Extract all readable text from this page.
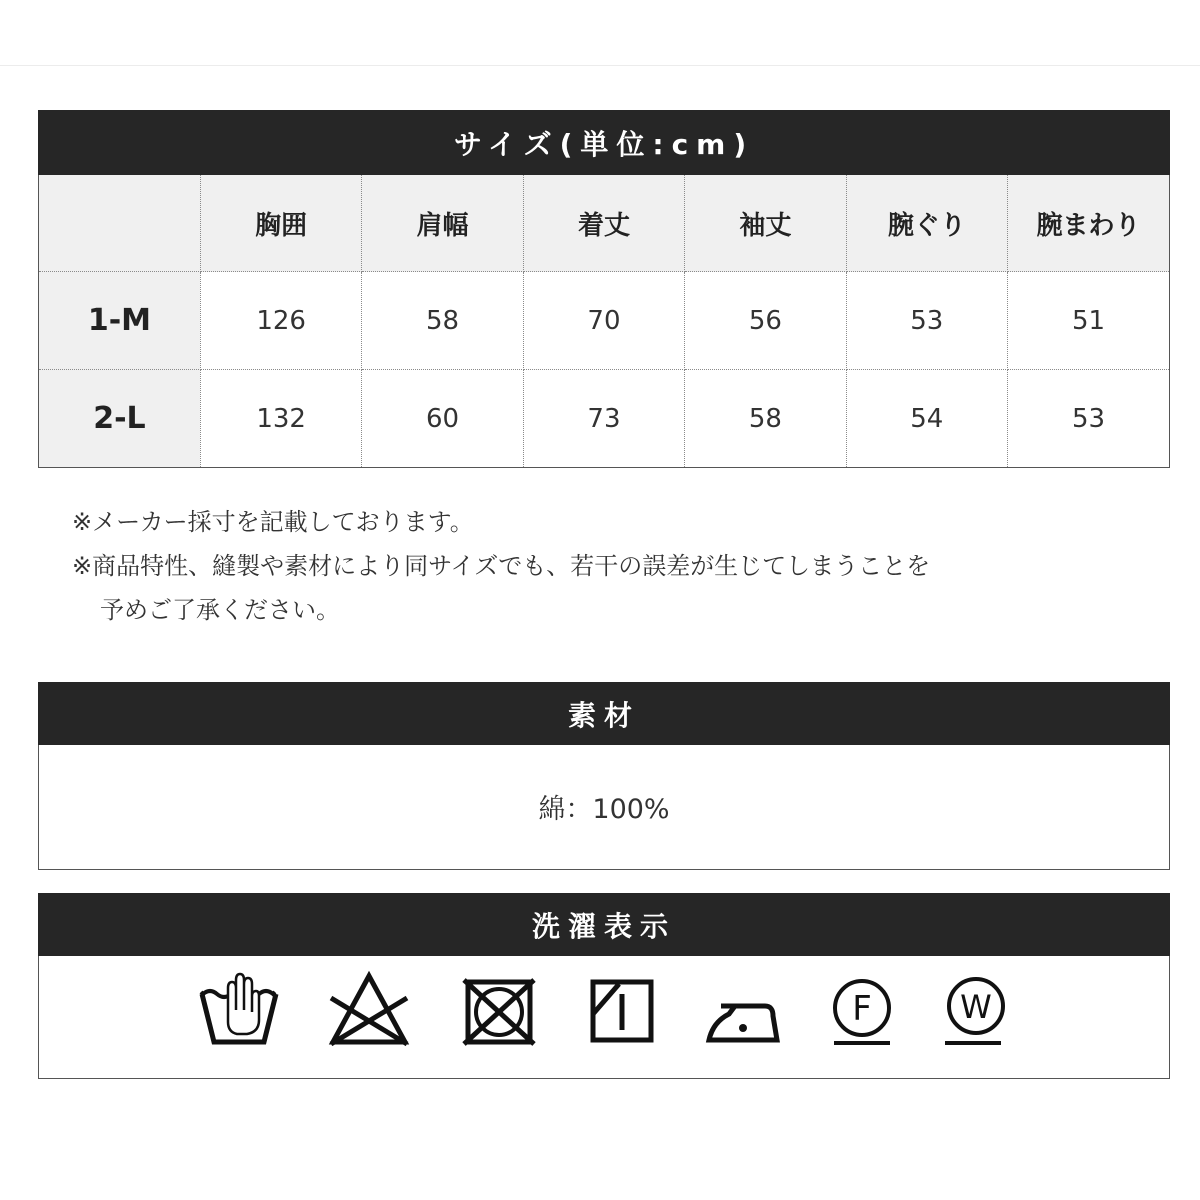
サイズ(単位:cm)
	胸囲	肩幅	着丈	袖丈	腕ぐり	腕まわり
1-M	126	58	70	56	53	51
2-L	132	60	73	58	54	53
※メーカー採寸を記載しております。
※商品特性、縫製や素材により同サイズでも、若干の誤差が生じてしまうことを
予めご了承ください。
素材
綿：100%
洗濯表示
F	W
